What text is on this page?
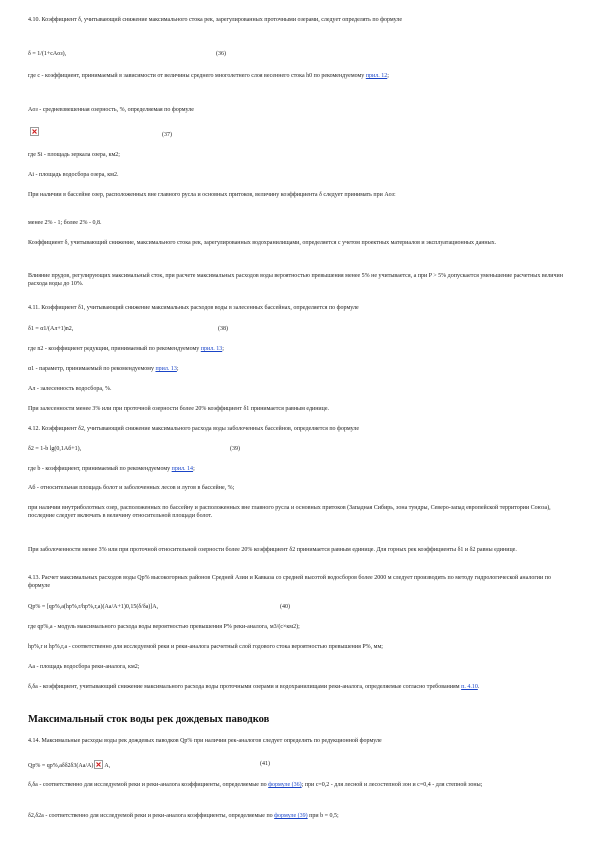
4.10. Коэффициент δ, учитывающий снижение максимального стока рек, зарегулированных проточными озерами, следует определять по формуле

δ = 1/(1+cAоз),	(36)

где c - коэффициент, принимаемый в зависимости от величины среднего многолетнего слоя весеннего стока h0 по рекомендуемому прил. 12;

Aоз - средневзвешенная озерность, %, определяемая по формуле

(37)

где Si - площадь зеркала озера, км2;

Ai - площадь водосбора озера, км2.

При наличии в бассейне озер, расположенных вне главного русла и основных притоков, величину коэффициента δ следует принимать при Aоз:

менее 2% - 1; более 2% - 0,8.

Коэффициент δ, учитывающий снижение, максимального стока рек, зарегулированных водохранилищами, определяется с учетом проектных материалов и эксплуатационных данных.

Влияние прудов, регулирующих максимальный сток, при расчете максимальных расходов воды вероятностью превышения менее 5% не учитывается, а при P > 5% допускается уменьшение расчетных величин расхода воды до 10%.

4.11. Коэффициент δ1, учитывающий снижение максимальных расходов воды в залесенных бассейнах, определяется по формуле

δ1 = α1/(Aл+1)n2,	(38)

где n2 - коэффициент редукции, принимаемый по рекомендуемому прил. 13;

α1 - параметр, принимаемый по рекомендуемому прил. 13;

Aл - залесенность водосбора, %.

При залесенности менее 3% или при проточной озерности более 20% коэффициент δ1 принимается равным единице.

4.12. Коэффициент δ2, учитывающий снижение максимального расхода воды заболоченных бассейнов, определяется по формуле

δ2 = 1-b lg(0,1Aб+1),	(39)

где b - коэффициент, принимаемый по рекомендуемому прил. 14;

Aб - относительная площадь болот и заболоченных лесов и лугов в бассейне, %;

при наличии внутриболотных озер, расположенных по бассейну и расположенных вне главного русла и основных притоков (Западная Сибирь, зона тундры, Северо-запад европейской территории Союза), последние следует включать в величину относительной площади болот.

При заболоченности менее 3% или при проточной относительной озерности более 20% коэффициент δ2 принимается равным единице. Для горных рек коэффициенты δ1 и δ2 равны единице.

4.13. Расчет максимальных расходов воды Qp% высокогорных районов Средней Азии и Кавказа со средней высотой водосборов более 2000 м следует производить по методу гидрологической аналогии по формуле

Qp% = [qp%,a(hp%,r/hp%,r,a)(Aa/A+1)0,15(δ/δa)]A,	(40)

где qp%,a - модуль максимального расхода воды вероятностью превышения P% реки-аналога, м3/(с×км2);

hp%,r и hp%,r,a - соответственно для исследуемой реки и реки-аналога расчетный слой годового стока вероятностью превышения P%, мм;

Aa - площадь водосбора реки-аналога, км2;

δ,δa - коэффициент, учитывающий снижение максимального расхода воды проточными озерами и водохранилищами реки-аналога, определяемые согласно требованиям п. 4.10.

Максимальный сток воды рек дождевых паводков

4.14. Максимальные расходы воды рек дождевых паводков Qp% при наличии рек-аналогов следует определять по редукционной формуле

Qp% = qp%,aδδ2δ3(Aa/A) A,	(41)

δ,δa - соответственно для исследуемой реки и реки-аналога коэффициенты, определяемые по формуле (36); при c=0,2 - для лесной и лесостепной зон и c=0,4 - для степной зоны;

δ2,δ2a - соответственно для исследуемой реки и реки-аналога коэффициенты, определяемые по формуле (39) при b = 0,5;
